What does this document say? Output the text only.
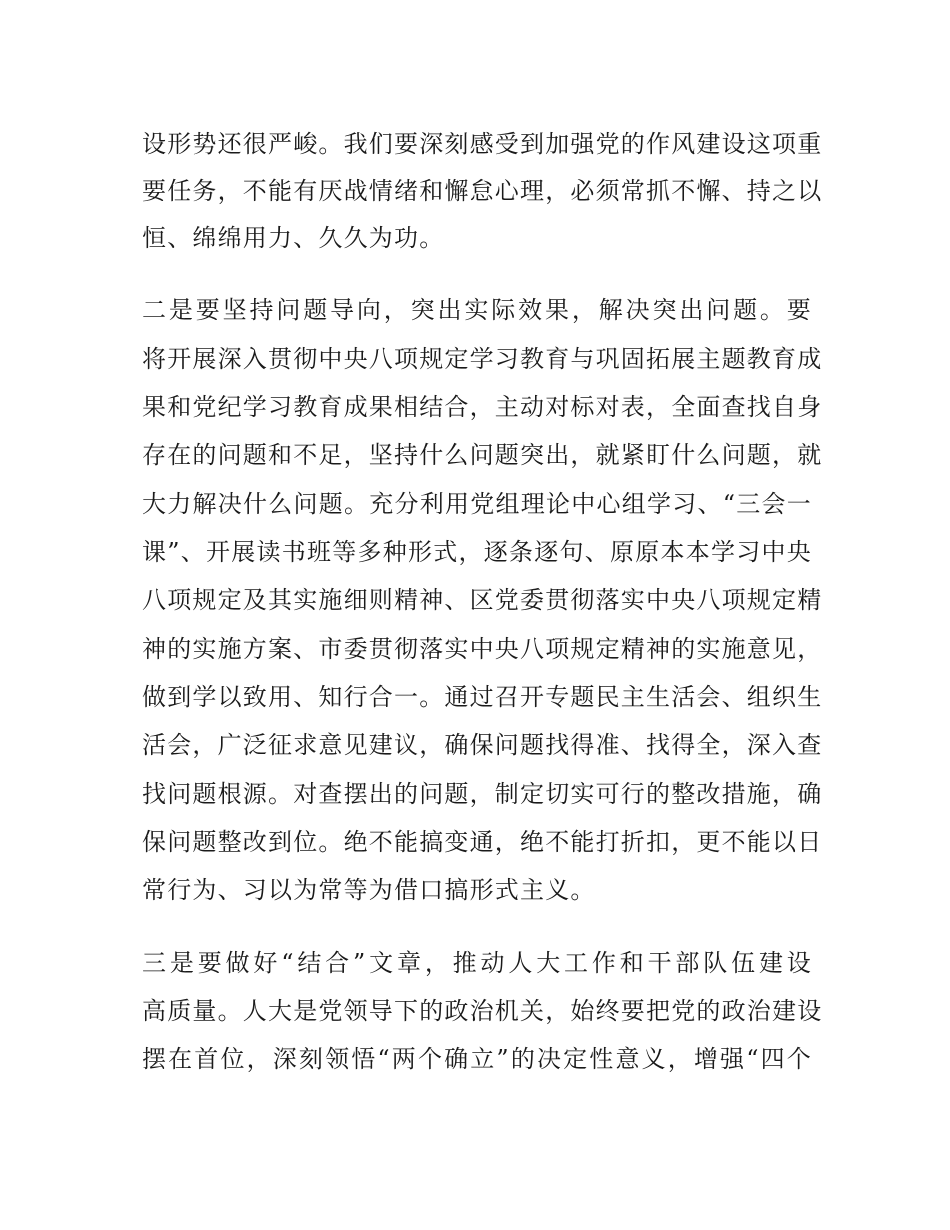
设形势还很严峻。我们要深刻感受到加强党的作风建设这项重
要任务，不能有厌战情绪和懈怠心理，必须常抓不懈、持之以
恒、绵绵用力、久久为功。
二是要坚持问题导向，突出实际效果，解决突出问题。要
将开展深入贯彻中央八项规定学习教育与巩固拓展主题教育成
果和党纪学习教育成果相结合，主动对标对表，全面查找自身
存在的问题和不足，坚持什么问题突出，就紧盯什么问题，就
大力解决什么问题。充分利用党组理论中心组学习、“三会一
课”、开展读书班等多种形式，逐条逐句、原原本本学习中央
八项规定及其实施细则精神、区党委贯彻落实中央八项规定精
神的实施方案、市委贯彻落实中央八项规定精神的实施意见，
做到学以致用、知行合一。通过召开专题民主生活会、组织生
活会，广泛征求意见建议，确保问题找得准、找得全，深入查
找问题根源。对查摆出的问题，制定切实可行的整改措施，确
保问题整改到位。绝不能搞变通，绝不能打折扣，更不能以日
常行为、习以为常等为借口搞形式主义。
三是要做好“结合”文章，推动人大工作和干部队伍建设
高质量。人大是党领导下的政治机关，始终要把党的政治建设
摆在首位，深刻领悟“两个确立”的决定性意义，增强“四个
